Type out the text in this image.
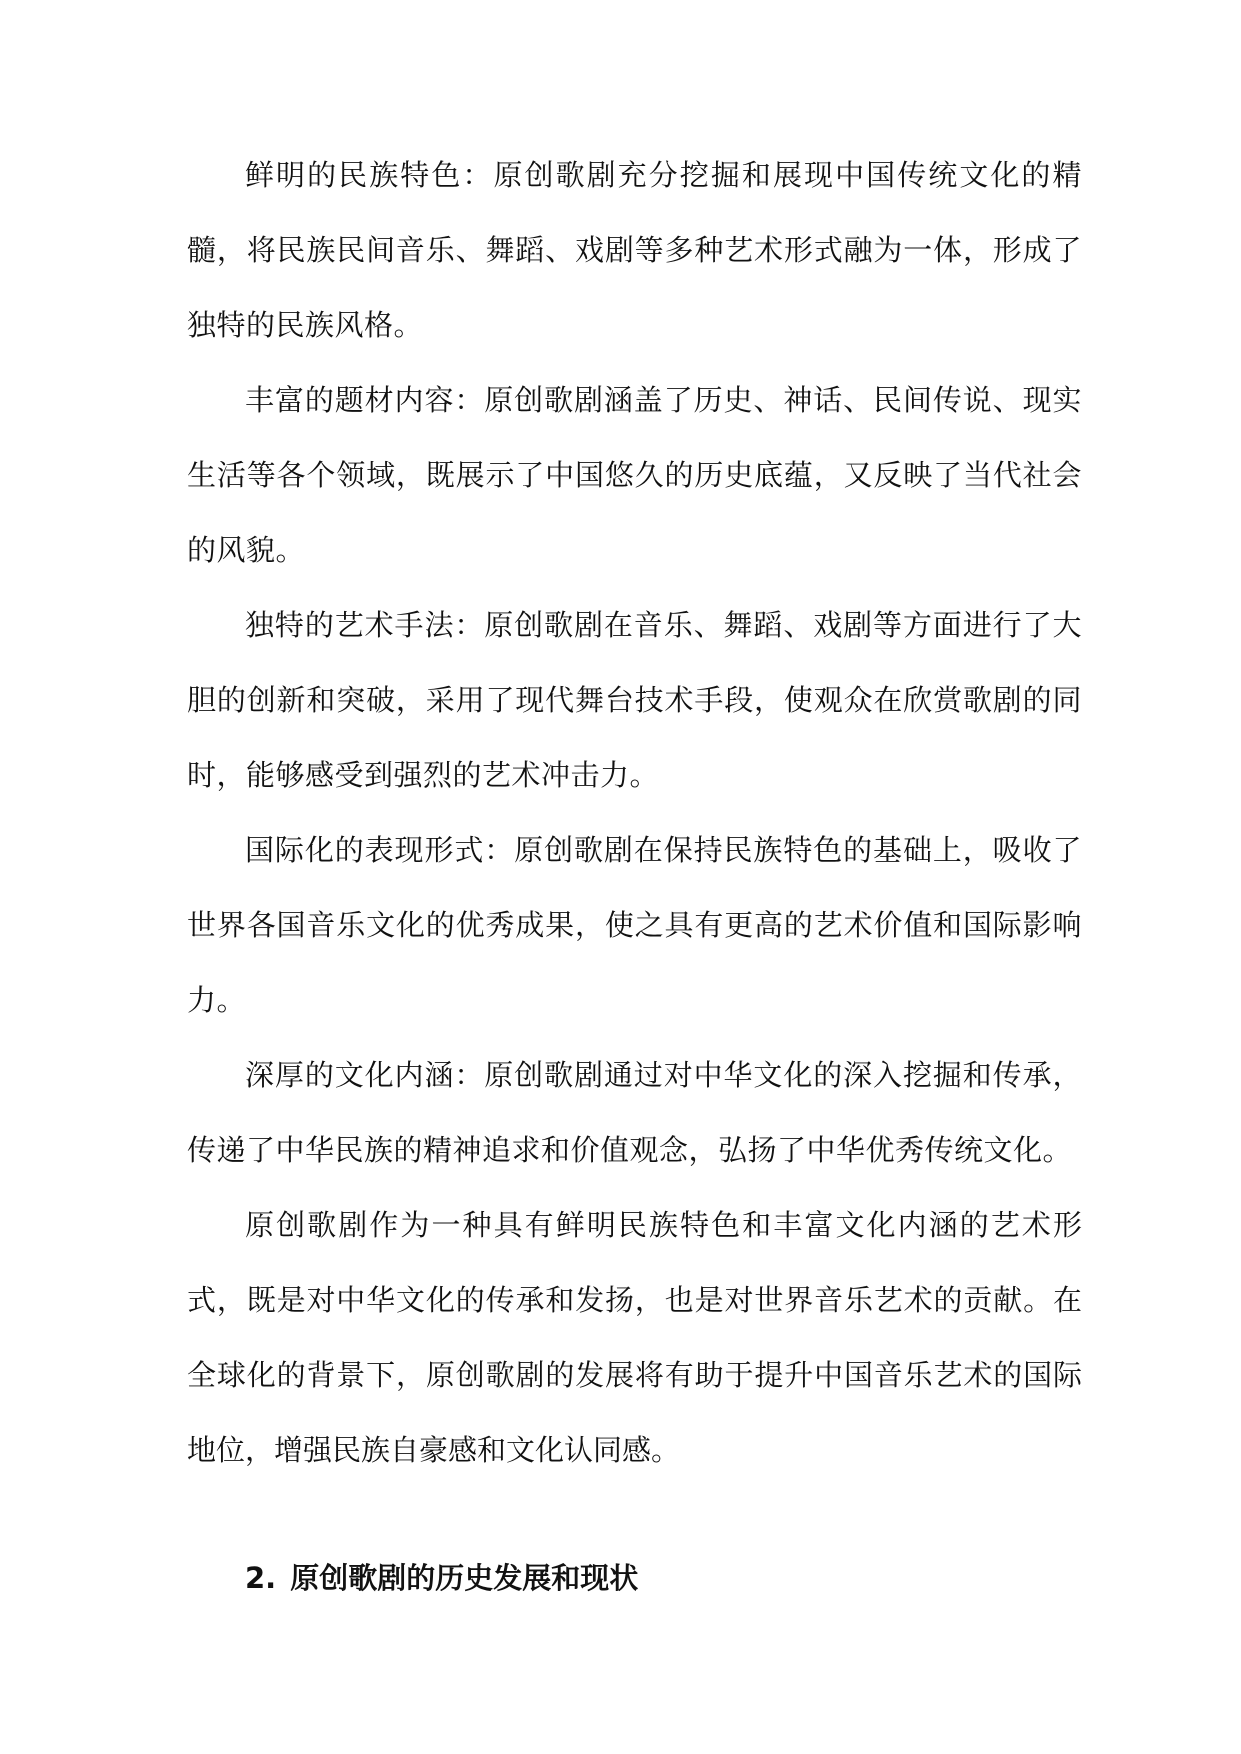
鲜明的民族特色：原创歌剧充分挖掘和展现中国传统文化的精髓，将民族民间音乐、舞蹈、戏剧等多种艺术形式融为一体，形成了独特的民族风格。

丰富的题材内容：原创歌剧涵盖了历史、神话、民间传说、现实生活等各个领域，既展示了中国悠久的历史底蕴，又反映了当代社会的风貌。

独特的艺术手法：原创歌剧在音乐、舞蹈、戏剧等方面进行了大胆的创新和突破，采用了现代舞台技术手段，使观众在欣赏歌剧的同时，能够感受到强烈的艺术冲击力。

国际化的表现形式：原创歌剧在保持民族特色的基础上，吸收了世界各国音乐文化的优秀成果，使之具有更高的艺术价值和国际影响力。

深厚的文化内涵：原创歌剧通过对中华文化的深入挖掘和传承，传递了中华民族的精神追求和价值观念，弘扬了中华优秀传统文化。

原创歌剧作为一种具有鲜明民族特色和丰富文化内涵的艺术形式，既是对中华文化的传承和发扬，也是对世界音乐艺术的贡献。在全球化的背景下，原创歌剧的发展将有助于提升中国音乐艺术的国际地位，增强民族自豪感和文化认同感。

2. 原创歌剧的历史发展和现状
